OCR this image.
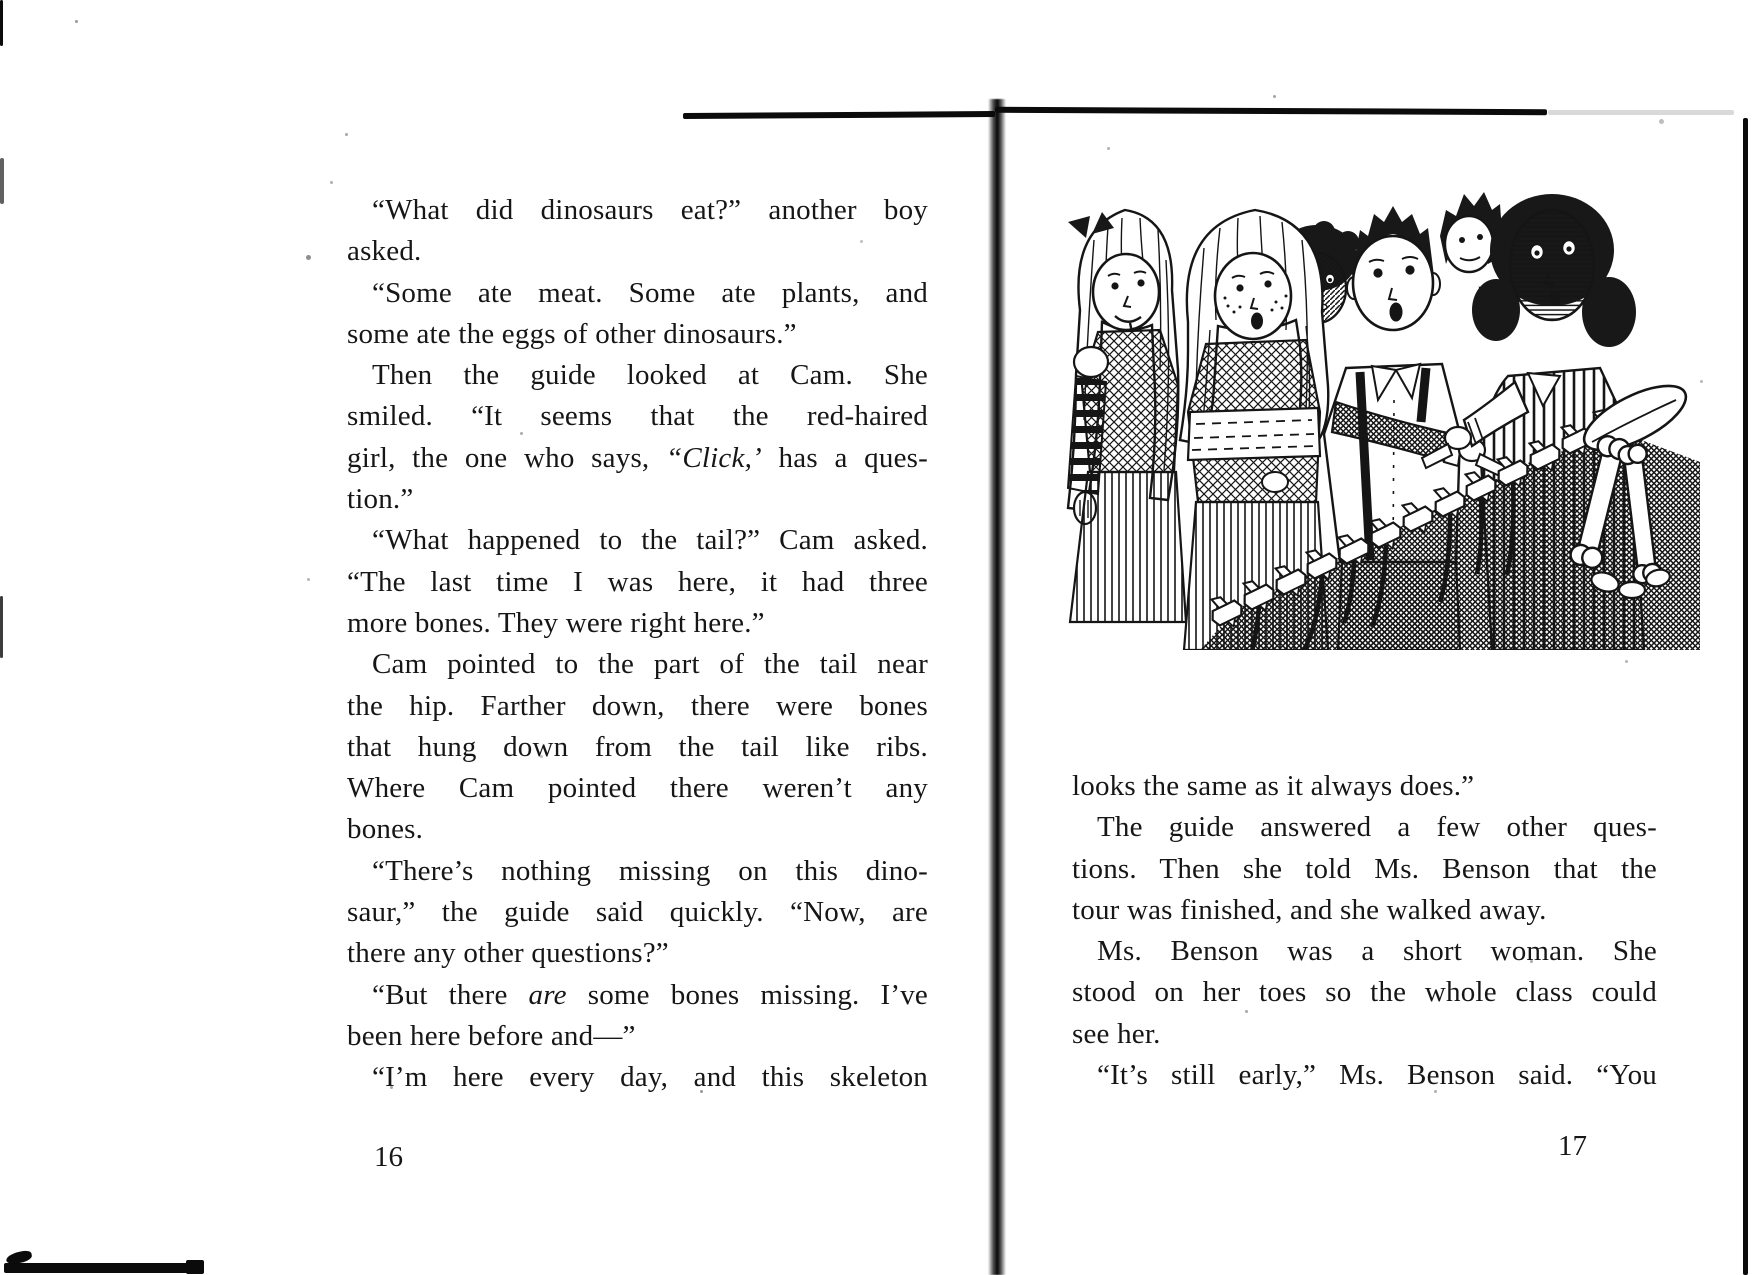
“What did dinosaurs eat?” another boy
asked.
“Some ate meat. Some ate plants, and
some ate the eggs of other dinosaurs.”
Then the guide looked at Cam. She
smiled. “It seems that the red-haired
girl, the one who says, “Click,’ has a ques-
tion.”
“What happened to the tail?” Cam asked.
“The last time I was here, it had three
more bones. They were right here.”
Cam pointed to the part of the tail near
the hip. Farther down, there were bones
that hung down from the tail like ribs.
Where Cam pointed there weren’t any
bones.
“There’s nothing missing on this dino-
saur,” the guide said quickly. “Now, are
there any other questions?”
“But there are some bones missing. I’ve
been here before and—”
“I’m here every day, and this skeleton
16
looks the same as it always does.”
The guide answered a few other ques-
tions. Then she told Ms. Benson that the
tour was finished, and she walked away.
Ms. Benson was a short woman. She
stood on her toes so the whole class could
see her.
“It’s still early,” Ms. Benson said. “You
17
